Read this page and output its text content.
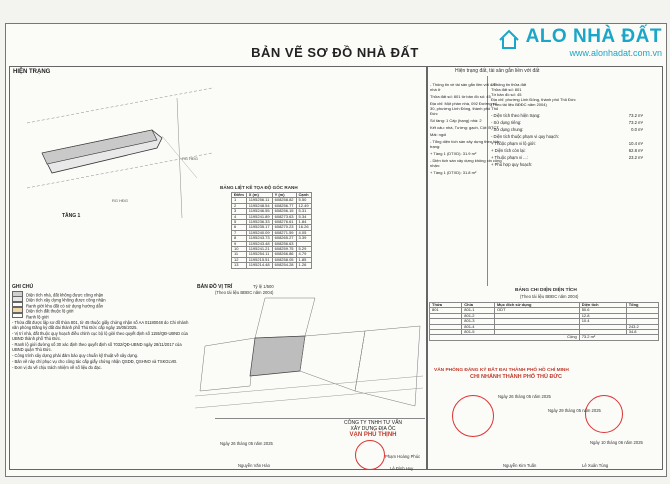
BẢN VẼ SƠ ĐỒ NHÀ ĐẤT
ALO NHÀ ĐẤT
www.alonhadat.com.vn
HIỆN TRẠNG
RG HĐG
RG HĐG
TẦNG 1
BẢNG LIỆT KÊ TỌA ĐỘ GÓC RANH
Điểm	X (m)	Y (m)	Cạnh
1	1195256.11	608258.82	5.50
2	1195248.54	608256.77	12.49
3	1195246.55	608256.15	5.31
4	1195241.89	608273.63	5.34
5	1195236.33	608276.61	1.84
6	1195235.17	608270.23	16.26
7	1195240.09	608271.59	4.05
8	1195243.73	608265.27	3.39
9	1195243.48	608256.63	
10	1195241.21	608259.75	5.29
11	1195254.11	608266.86	4.79
12	1195215.51	608258.05	1.85
13	1195214.48	608254.28	1.26
GHI CHÚ
Diện tích nhà, đất không được công nhận
Diện tích xây dựng không được công nhận
Ranh giới khu đất có sử dụng hướng dẫn
Diện tích đất thuộc lộ giới
Ranh lộ giới
- Thửa đất được lập sơ đồ thửa 801, tờ 45 thuộc giấy chứng nhận số AA 01180048 do Chi nhánh văn phòng Đăng ký đất đai thành phố Thủ Đức cấp ngày 15/05/2025.
- Vị trí nhà, đất thuộc quy hoạch điều chỉnh cục bộ lộ giới theo quyết định số 1155/QĐ-UBND của UBND thành phố Thủ Đức.
- Ranh lộ giới đường số 30 xác định theo quyết định số 7032/QĐ-UBND ngày 28/11/2017 của UBND quận Thủ Đức.
- Công trình xây dựng phải đảm bảo quy chuẩn kỹ thuật về xây dựng.
- Bản vẽ này chỉ phục vụ cho công tác cấp giấy chứng nhận QSDĐ, QSHNO và TSKGLVĐ.
- Đơn vị đo vẽ chịu trách nhiệm về số liệu đo đạc.
BẢN ĐỒ VỊ TRÍ	Tỷ lệ 1/500
(Theo tài liệu BĐĐC năm 2004)
CÔNG TY TNHH TƯ VẤN
XÂY DỰNG ĐỊA ỐC
VẠN PHÚ THỊNH
Ngày 26 tháng 05 năm 2025
Nguyễn Văn Hào
Phạm Hoàng Phúc
Lê Đình Huy
Hiện trạng đất, tài sản gắn liền với đất
- Thông tin về tài sản gắn liền với đất: nhà ở
Thửa đất số: 801 tờ bản đồ số: 45
Địa chỉ: Một phần nhà, 092 Đường số 30, phường Linh Đông, thành phố Thủ Đức
Số tầng: 1 Cấp (hạng) nhà: 2
Kết cấu: nhà, Tường: gạch, Cột: BTCT
Mái: ngói
- Tổng diện tích sàn xây dựng theo hiện trạng:
+ Tầng 1 (DTXD): 31.9 m²
- Diện tích sàn xây dựng không xin công nhận:
+ Tầng 1 (DTXD): 31.8 m²
- Thông tin thửa đất
Thửa đất số: 801
Tờ bản đồ số: 45
Địa chỉ: phường Linh Đông, thành phố Thủ Đức
(Theo tài liệu BĐĐC năm 2004)
- Diện tích theo hiện trạng:	73.2 m²
- Sử dụng riêng:	73.2 m²
- Sử dụng chung:	0.0 m²
- Diện tích thuộc phạm vi quy hoạch:
+ Thuộc phạm vi lộ giới:	10.4 m²
+ Diện tích còn lại:	62.8 m²
+ Thuộc phạm vi ...:	23.2 m²
+ Phù hợp quy hoạch:
BẢNG CHI DIỆN DIỆN TÍCH
(Theo tài liệu BĐĐC năm 2004)
Thửa	Chia	Mục đích sử dụng	Diện tích	Tổng
801	801-1	ODT	50.6	
	801-2		12.8	
	801-3		10.4	
	801-4			243.2
	801-5			34.8
Cộng			73.2 m²	
VĂN PHÒNG ĐĂNG KÝ ĐẤT ĐAI THÀNH PHỐ HỒ CHÍ MINH
CHI NHÁNH THÀNH PHỐ THỦ ĐỨC
Ngày 26 tháng 05 năm 2025
Ngày 29 tháng 05 năm 2025
Ngày 10 tháng 06 năm 2025
Nguyễn Kim Tuấn	Lê Xuân Tùng
